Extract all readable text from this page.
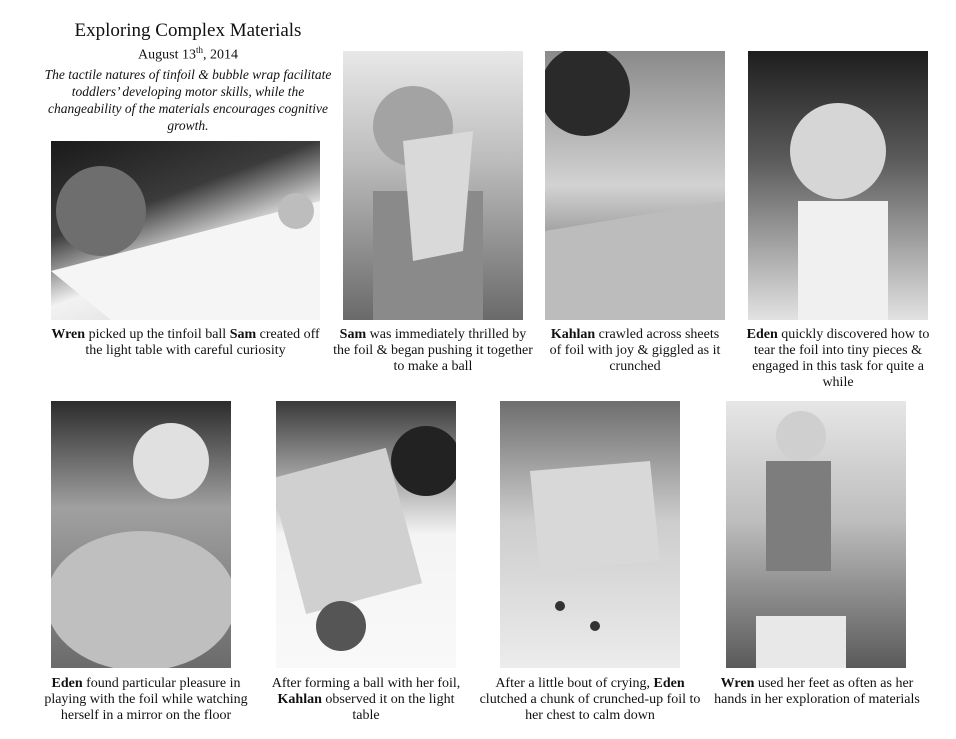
Exploring Complex Materials
August 13th, 2014
The tactile natures of tinfoil & bubble wrap facilitate toddlers’ developing motor skills, while the changeability of the materials encourages cognitive growth.
Wren picked up the tinfoil ball Sam created off the light table with careful curiosity
Sam was immediately thrilled by the foil & began pushing it together to make a ball
Kahlan crawled across sheets of foil with joy & giggled as it crunched
Eden quickly discovered how to tear the foil into tiny pieces & engaged in this task for quite a while
Eden found particular pleasure in playing with the foil while watching herself in a mirror on the floor
After forming a ball with her foil, Kahlan observed it on the light table
After a little bout of crying, Eden clutched a chunk of crunched-up foil to her chest to calm down
Wren used her feet as often as her hands in her exploration of materials
